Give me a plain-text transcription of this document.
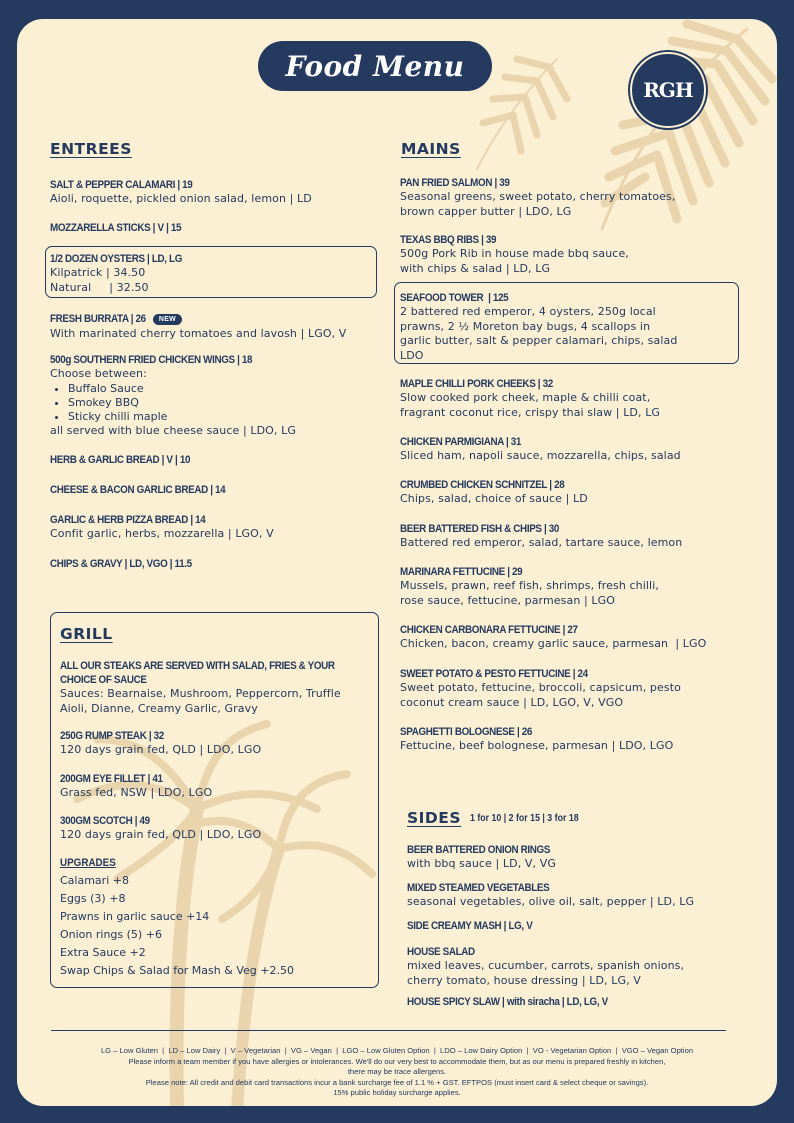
Food Menu
RGH
ENTREES
SALT & PEPPER CALAMARI | 19
Aioli, roquette, pickled onion salad, lemon | LD
MOZZARELLA STICKS | V | 15
1/2 DOZEN OYSTERS | LD, LG
Kilpatrick | 34.50
Natural     | 32.50
FRESH BURRATA | 26 NEW
With marinated cherry tomatoes and lavosh | LGO, V
500g SOUTHERN FRIED CHICKEN WINGS | 18
Choose between:
• Buffalo Sauce
• Smokey BBQ
• Sticky chilli maple
all served with blue cheese sauce | LDO, LG
HERB & GARLIC BREAD | V | 10
CHEESE & BACON GARLIC BREAD | 14
GARLIC & HERB PIZZA BREAD | 14
Confit garlic, herbs, mozzarella | LGO, V
CHIPS & GRAVY | LD, VGO | 11.5
GRILL
ALL OUR STEAKS ARE SERVED WITH SALAD, FRIES & YOUR
CHOICE OF SAUCE
Sauces: Bearnaise, Mushroom, Peppercorn, Truffle
Aioli, Dianne, Creamy Garlic, Gravy
250G RUMP STEAK | 32
120 days grain fed, QLD | LDO, LGO
200GM EYE FILLET | 41
Grass fed, NSW | LDO, LGO
300GM SCOTCH | 49
120 days grain fed, QLD | LDO, LGO
UPGRADES
Calamari +8
Eggs (3) +8
Prawns in garlic sauce +14
Onion rings (5) +6
Extra Sauce +2
Swap Chips & Salad for Mash & Veg +2.50
MAINS
PAN FRIED SALMON | 39
Seasonal greens, sweet potato, cherry tomatoes,
brown capper butter | LDO, LG
TEXAS BBQ RIBS | 39
500g Pork Rib in house made bbq sauce,
with chips & salad | LD, LG
SEAFOOD TOWER  | 125
2 battered red emperor, 4 oysters, 250g local
prawns, 2 ½ Moreton bay bugs, 4 scallops in
garlic butter, salt & pepper calamari, chips, salad
LDO
MAPLE CHILLI PORK CHEEKS | 32
Slow cooked pork cheek, maple & chilli coat,
fragrant coconut rice, crispy thai slaw | LD, LG
CHICKEN PARMIGIANA | 31
Sliced ham, napoli sauce, mozzarella, chips, salad
CRUMBED CHICKEN SCHNITZEL | 28
Chips, salad, choice of sauce | LD
BEER BATTERED FISH & CHIPS | 30
Battered red emperor, salad, tartare sauce, lemon
MARINARA FETTUCINE | 29
Mussels, prawn, reef fish, shrimps, fresh chilli,
rose sauce, fettucine, parmesan | LGO
CHICKEN CARBONARA FETTUCINE | 27
Chicken, bacon, creamy garlic sauce, parmesan  | LGO
SWEET POTATO & PESTO FETTUCINE | 24
Sweet potato, fettucine, broccoli, capsicum, pesto
coconut cream sauce | LD, LGO, V, VGO
SPAGHETTI BOLOGNESE | 26
Fettucine, beef bolognese, parmesan | LDO, LGO
SIDES 1 for 10 | 2 for 15 | 3 for 18
BEER BATTERED ONION RINGS
with bbq sauce | LD, V, VG
MIXED STEAMED VEGETABLES
seasonal vegetables, olive oil, salt, pepper | LD, LG
SIDE CREAMY MASH | LG, V
HOUSE SALAD
mixed leaves, cucumber, carrots, spanish onions,
cherry tomato, house dressing | LD, LG, V
HOUSE SPICY SLAW | with siracha | LD, LG, V
LG – Low Gluten  |  LD – Low Dairy  |  V – Vegetarian  |  VG – Vegan  |  LGO – Low Gluten Option  |  LDO – Low Dairy Option  |  VO - Vegetarian Option  |  VGO – Vegan Option
Please inform a team member if you have allergies or intolerances. We'll do our very best to accommodate them, but as our menu is prepared freshly in kitchen,
there may be trace allergens.
Please note: All credit and debit card transactions incur a bank surcharge fee of 1.1 % + GST. EFTPOS (must insert card & select cheque or savings).
15% public holiday surcharge applies.
